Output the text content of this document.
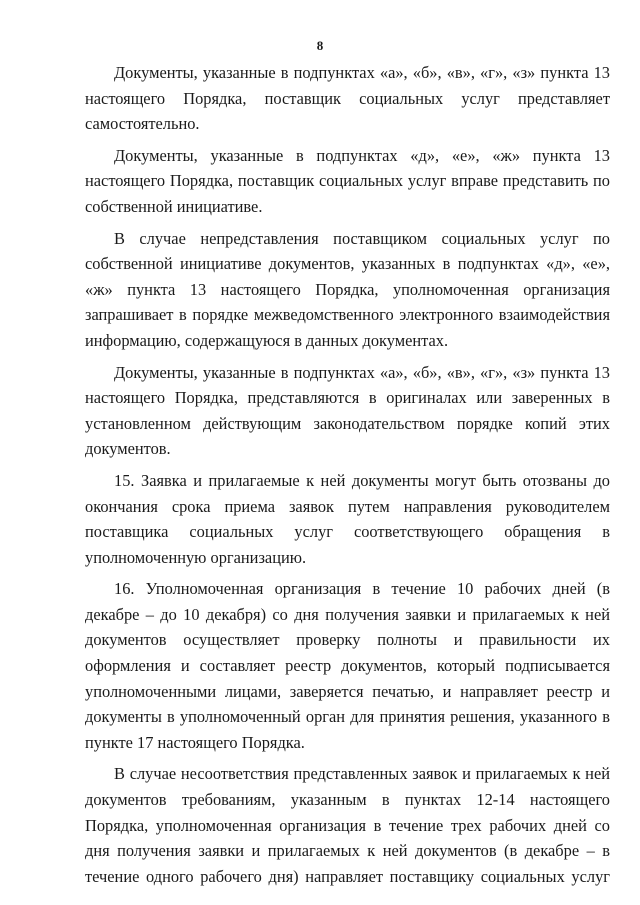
8

Документы, указанные в подпунктах «а», «б», «в», «г», «з» пункта 13 настоящего Порядка, поставщик социальных услуг представляет самостоятельно.

Документы, указанные в подпунктах «д», «е», «ж» пункта 13 настоящего Порядка, поставщик социальных услуг вправе представить по собственной инициативе.

В случае непредставления поставщиком социальных услуг по собственной инициативе документов, указанных в подпунктах «д», «е», «ж» пункта 13 настоящего Порядка, уполномоченная организация запрашивает в порядке межведомственного электронного взаимодействия информацию, содержащуюся в данных документах.

Документы, указанные в подпунктах «а», «б», «в», «г», «з» пункта 13 настоящего Порядка, представляются в оригиналах или заверенных в установленном действующим законодательством порядке копий этих документов.

15. Заявка и прилагаемые к ней документы могут быть отозваны до окончания срока приема заявок путем направления руководителем поставщика социальных услуг соответствующего обращения в уполномоченную организацию.

16. Уполномоченная организация в течение 10 рабочих дней (в декабре – до 10 декабря) со дня получения заявки и прилагаемых к ней документов осуществляет проверку полноты и правильности их оформления и составляет реестр документов, который подписывается уполномоченными лицами, заверяется печатью, и направляет реестр и документы в уполномоченный орган для принятия решения, указанного в пункте 17 настоящего Порядка.

В случае несоответствия представленных заявок и прилагаемых к ней документов требованиям, указанным в пунктах 12-14 настоящего Порядка, уполномоченная организация в течение трех рабочих дней со дня получения заявки и прилагаемых к ней документов (в декабре – в течение одного рабочего дня) направляет поставщику социальных услуг
